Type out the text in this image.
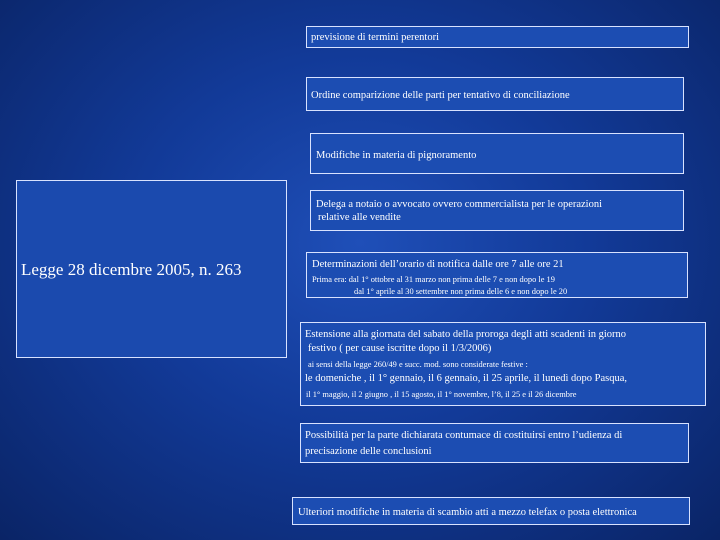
Legge 28 dicembre 2005, n. 263
previsione di termini perentori
Ordine comparizione delle parti per tentativo di conciliazione
Modifiche in materia di pignoramento
Delega a notaio o avvocato ovvero commercialista per le operazioni
relative alle vendite
Determinazioni dell’orario di notifica dalle ore 7 alle ore 21
Prima era: dal 1° ottobre al 31 marzo non prima delle 7 e non dopo le 19
dal 1° aprile al 30 settembre non prima delle 6 e non dopo le 20
Estensione alla giornata del sabato della proroga degli atti scadenti in giorno
festivo ( per cause iscritte dopo il 1/3/2006)
ai sensi della legge 260/49 e succ. mod. sono considerate festive :
le domeniche , il 1° gennaio, il 6 gennaio, il 25 aprile, il lunedì dopo Pasqua,
il 1° maggio, il 2 giugno , il 15 agosto, il 1° novembre, l’8, il 25 e il 26 dicembre
Possibilità per la parte dichiarata contumace di costituirsi entro l’udienza di
precisazione delle conclusioni
Ulteriori modifiche in materia di scambio atti a mezzo telefax o posta elettronica
